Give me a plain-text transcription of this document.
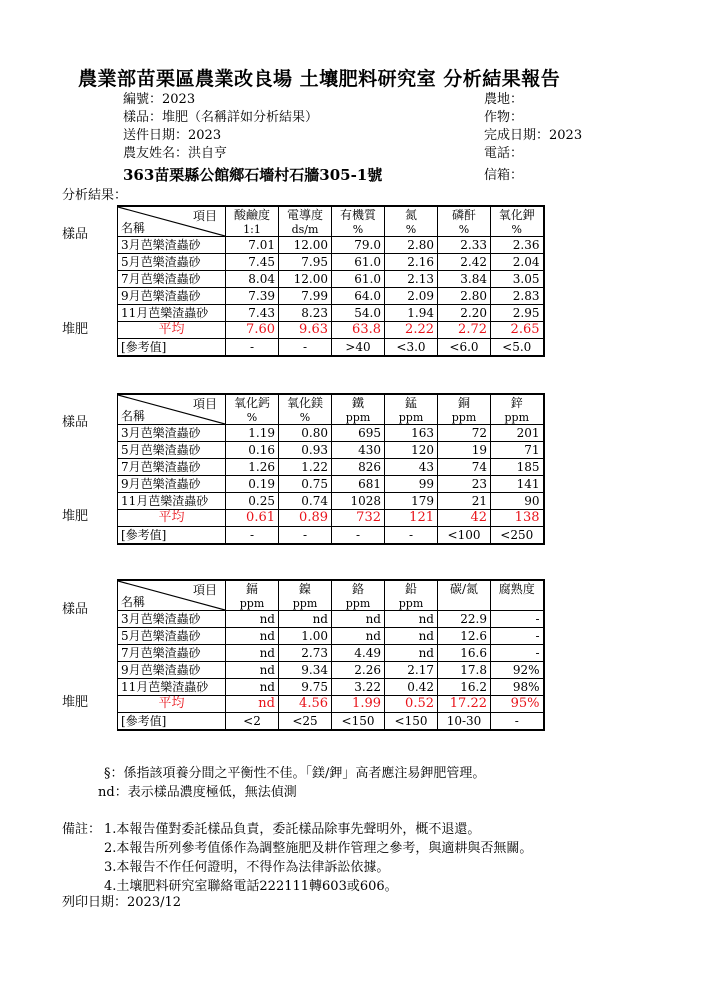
農業部苗栗區農業改良場 土壤肥料研究室 分析結果報告
編號：2023
樣品：堆肥（名稱詳如分析結果）
送件日期：2023
農友姓名：洪自亨
363苗栗縣公館鄉石墻村石牆305-1號
農地：
作物：
完成日期：2023
電話：
信箱：
分析結果：
樣品
堆肥
樣品
堆肥
樣品
堆肥
項目
名稱	酸鹼度	電導度	有機質	氮	磷酐	氧化鉀
	1:1	ds/m	%	%	%	%
3月芭樂渣蟲砂	7.01	12.00	79.0	2.80	2.33	2.36
5月芭樂渣蟲砂	7.45	7.95	61.0	2.16	2.42	2.04
7月芭樂渣蟲砂	8.04	12.00	61.0	2.13	3.84	3.05
9月芭樂渣蟲砂	7.39	7.99	64.0	2.09	2.80	2.83
11月芭樂渣蟲砂	7.43	8.23	54.0	1.94	2.20	2.95
平均	7.60	9.63	63.8	2.22	2.72	2.65
[參考值]	-	-	>40	<3.0	<6.0	<5.0
項目
名稱	氧化鈣	氧化鎂	鐵	錳	銅	鋅
	%	%	ppm	ppm	ppm	ppm
3月芭樂渣蟲砂	1.19	0.80	695	163	72	201
5月芭樂渣蟲砂	0.16	0.93	430	120	19	71
7月芭樂渣蟲砂	1.26	1.22	826	43	74	185
9月芭樂渣蟲砂	0.19	0.75	681	99	23	141
11月芭樂渣蟲砂	0.25	0.74	1028	179	21	90
平均	0.61	0.89	732	121	42	138
[參考值]	-	-	-	-	<100	<250
項目
名稱	鎘	鎳	鉻	鉛	碳/氮	腐熟度
	ppm	ppm	ppm	ppm		
3月芭樂渣蟲砂	nd	nd	nd	nd	22.9	-
5月芭樂渣蟲砂	nd	1.00	nd	nd	12.6	-
7月芭樂渣蟲砂	nd	2.73	4.49	nd	16.6	-
9月芭樂渣蟲砂	nd	9.34	2.26	2.17	17.8	92%
11月芭樂渣蟲砂	nd	9.75	3.22	0.42	16.2	98%
平均	nd	4.56	1.99	0.52	17.22	95%
[參考值]	<2	<25	<150	<150	10-30	-
§：係指該項養分間之平衡性不佳。「鎂/鉀」高者應注易鉀肥管理。
nd：表示樣品濃度極低，無法偵測
備註： 1.本報告僅對委託樣品負責，委託樣品除事先聲明外，概不退還。
2.本報告所列參考值係作為調整施肥及耕作管理之參考，與適耕與否無關。
3.本報告不作任何證明，不得作為法律訴訟依據。
4.土壤肥料研究室聯絡電話222111轉603或606。
列印日期：2023/12
